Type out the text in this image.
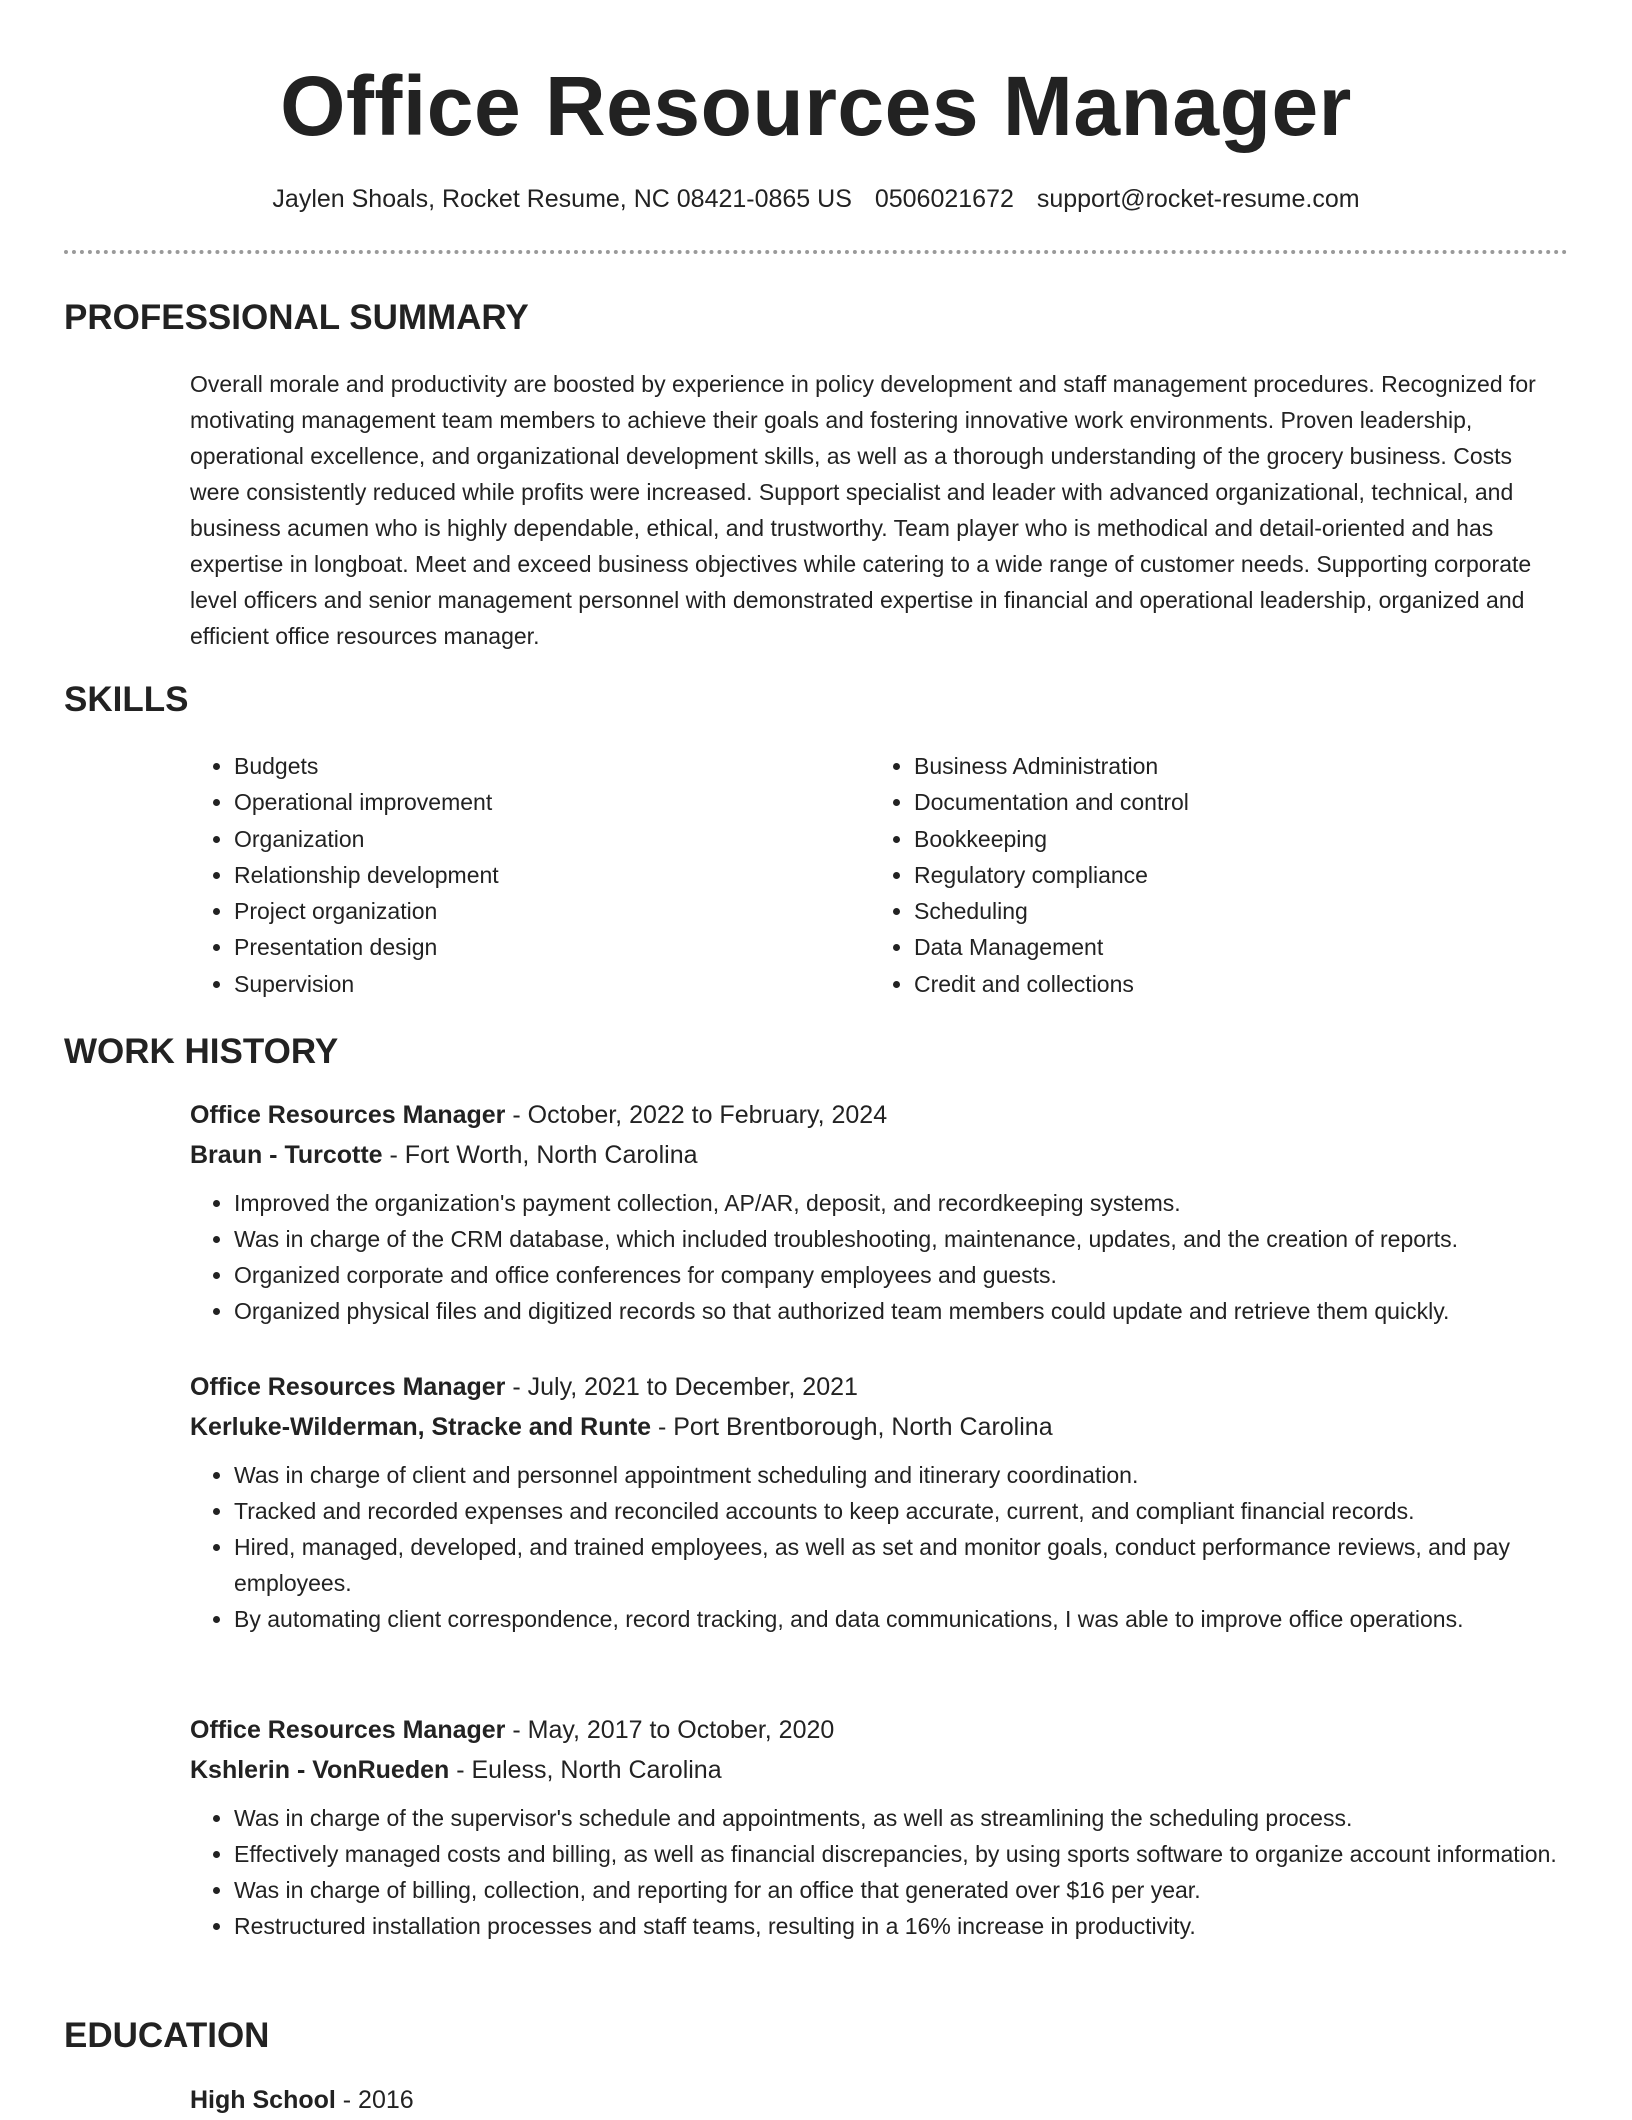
Office Resources Manager
Jaylen Shoals, Rocket Resume, NC 08421-0865 US 0506021672 support@rocket-resume.com
PROFESSIONAL SUMMARY

Overall morale and productivity are boosted by experience in policy development and staff management procedures. Recognized for motivating management team members to achieve their goals and fostering innovative work environments. Proven leadership, operational excellence, and organizational development skills, as well as a thorough understanding of the grocery business. Costs were consistently reduced while profits were increased. Support specialist and leader with advanced organizational, technical, and business acumen who is highly dependable, ethical, and trustworthy. Team player who is methodical and detail-oriented and has expertise in longboat. Meet and exceed business objectives while catering to a wide range of customer needs. Supporting corporate level officers and senior management personnel with demonstrated expertise in financial and operational leadership, organized and efficient office resources manager.

SKILLS
• Budgets
• Operational improvement
• Organization
• Relationship development
• Project organization
• Presentation design
• Supervision
• Business Administration
• Documentation and control
• Bookkeeping
• Regulatory compliance
• Scheduling
• Data Management
• Credit and collections
WORK HISTORY
Office Resources Manager - October, 2022 to February, 2024
Braun - Turcotte - Fort Worth, North Carolina
• Improved the organization's payment collection, AP/AR, deposit, and recordkeeping systems.
• Was in charge of the CRM database, which included troubleshooting, maintenance, updates, and the creation of reports.
• Organized corporate and office conferences for company employees and guests.
• Organized physical files and digitized records so that authorized team members could update and retrieve them quickly.
Office Resources Manager - July, 2021 to December, 2021
Kerluke-Wilderman, Stracke and Runte - Port Brentborough, North Carolina
• Was in charge of client and personnel appointment scheduling and itinerary coordination.
• Tracked and recorded expenses and reconciled accounts to keep accurate, current, and compliant financial records.
• Hired, managed, developed, and trained employees, as well as set and monitor goals, conduct performance reviews, and pay employees.
• By automating client correspondence, record tracking, and data communications, I was able to improve office operations.
Office Resources Manager - May, 2017 to October, 2020
Kshlerin - VonRueden - Euless, North Carolina
• Was in charge of the supervisor's schedule and appointments, as well as streamlining the scheduling process.
• Effectively managed costs and billing, as well as financial discrepancies, by using sports software to organize account information.
• Was in charge of billing, collection, and reporting for an office that generated over $16 per year.
• Restructured installation processes and staff teams, resulting in a 16% increase in productivity.
EDUCATION
High School - 2016
